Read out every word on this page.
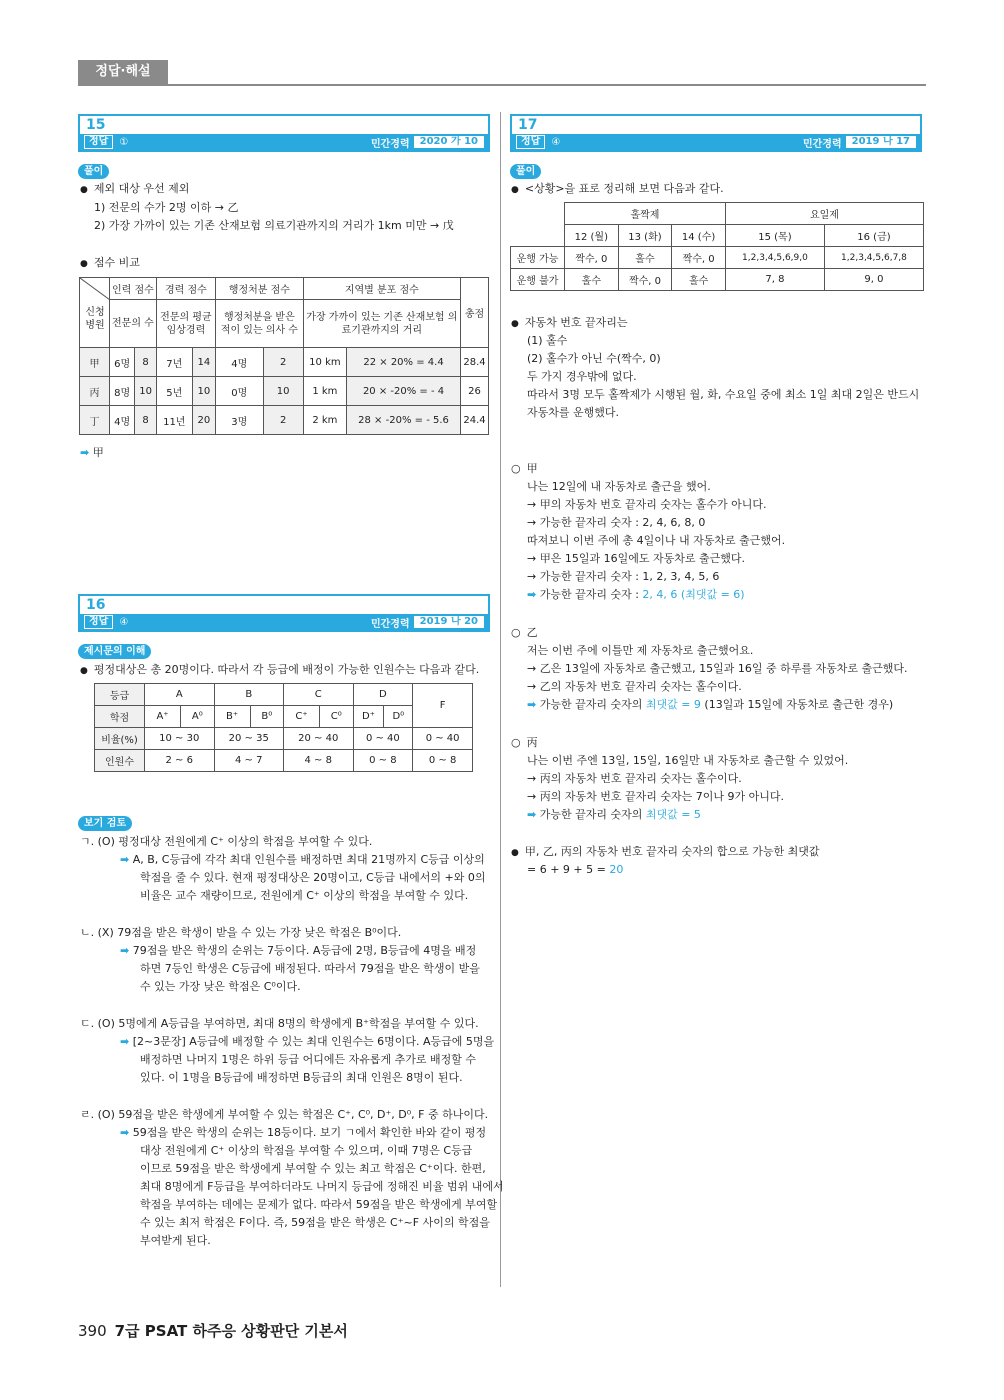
정답·해설
15
정답	①	민간경력	2020 가 10
풀이
● 제외 대상 우선 제외
1) 전문의 수가 2명 이하 → 乙
2) 가장 가까이 있는 기존 산재보험 의료기관까지의 거리가 1km 미만 → 戊
● 점수 비교
신청
병원	인력 점수		경력 점수		행정처분 점수		지역별 분포 점수		총점
	전문의 수		전문의 평균 임상경력		행정처분을 받은 적이 있는 의사 수		가장 가까이 있는 기존 산재보험 의료기관까지의 거리		
甲	6명	8	7년	14	4명	2	10 km	22 × 20% = 4.4	28.4
丙	8명	10	5년	10	0명	10	1 km	20 × -20% = - 4	26
丁	4명	8	11년	20	3명	2	2 km	28 × -20% = - 5.6	24.4
➡ 甲
16
정답	④	민간경력	2019 나 20
제시문의 이해
● 평정대상은 총 20명이다. 따라서 각 등급에 배정이 가능한 인원수는 다음과 같다.
등급	A		B		C		D		F
학점	A⁺	A⁰	B⁺	B⁰	C⁺	C⁰	D⁺	D⁰	
비율(%)	10 ~ 30		20 ~ 35		20 ~ 40		0 ~ 40		0 ~ 40
인원수	2 ~ 6		4 ~ 7		4 ~ 8		0 ~ 8		0 ~ 8
보기 검토
ㄱ. (O) 평정대상 전원에게 C⁺ 이상의 학점을 부여할 수 있다.
➡ A, B, C등급에 각각 최대 인원수를 배정하면 최대 21명까지 C등급 이상의
학점을 줄 수 있다. 현재 평정대상은 20명이고, C등급 내에서의 +와 0의
비율은 교수 재량이므로, 전원에게 C⁺ 이상의 학점을 부여할 수 있다.
ㄴ. (X) 79점을 받은 학생이 받을 수 있는 가장 낮은 학점은 B⁰이다.
➡ 79점을 받은 학생의 순위는 7등이다. A등급에 2명, B등급에 4명을 배정
하면 7등인 학생은 C등급에 배정된다. 따라서 79점을 받은 학생이 받을
수 있는 가장 낮은 학점은 C⁰이다.
ㄷ. (O) 5명에게 A등급을 부여하면, 최대 8명의 학생에게 B⁺학점을 부여할 수 있다.
➡ [2~3문장] A등급에 배정할 수 있는 최대 인원수는 6명이다. A등급에 5명을
배정하면 나머지 1명은 하위 등급 어디에든 자유롭게 추가로 배정할 수
있다. 이 1명을 B등급에 배정하면 B등급의 최대 인원은 8명이 된다.
ㄹ. (O) 59점을 받은 학생에게 부여할 수 있는 학점은 C⁺, C⁰, D⁺, D⁰, F 중 하나이다.
➡ 59점을 받은 학생의 순위는 18등이다. 보기 ㄱ에서 확인한 바와 같이 평정
대상 전원에게 C⁺ 이상의 학점을 부여할 수 있으며, 이때 7명은 C등급
이므로 59점을 받은 학생에게 부여할 수 있는 최고 학점은 C⁺이다. 한편,
최대 8명에게 F등급을 부여하더라도 나머지 등급에 정해진 비율 범위 내에서
학점을 부여하는 데에는 문제가 없다. 따라서 59점을 받은 학생에게 부여할
수 있는 최저 학점은 F이다. 즉, 59점을 받은 학생은 C⁺~F 사이의 학점을
부여받게 된다.
17
정답	④	민간경력	2019 나 17
풀이
● <상황>을 표로 정리해 보면 다음과 같다.
	홀짝제			요일제	
	12 (월)	13 (화)	14 (수)	15 (목)	16 (금)
운행 가능	짝수, 0	홀수	짝수, 0	1,2,3,4,5,6,9,0	1,2,3,4,5,6,7,8
운행 불가	홀수	짝수, 0	홀수	7, 8	9, 0
● 자동차 번호 끝자리는
(1) 홀수
(2) 홀수가 아닌 수(짝수, 0)
두 가지 경우밖에 없다.
따라서 3명 모두 홀짝제가 시행된 월, 화, 수요일 중에 최소 1일 최대 2일은 반드시
자동차를 운행했다.
○ 甲
나는 12일에 내 자동차로 출근을 했어.
→ 甲의 자동차 번호 끝자리 숫자는 홀수가 아니다.
→ 가능한 끝자리 숫자 : 2, 4, 6, 8, 0
따져보니 이번 주에 총 4일이나 내 자동차로 출근했어.
→ 甲은 15일과 16일에도 자동차로 출근했다.
→ 가능한 끝자리 숫자 : 1, 2, 3, 4, 5, 6
➡ 가능한 끝자리 숫자 : 2, 4, 6 (최댓값 = 6)
○ 乙
저는 이번 주에 이틀만 제 자동차로 출근했어요.
→ 乙은 13일에 자동차로 출근했고, 15일과 16일 중 하루를 자동차로 출근했다.
→ 乙의 자동차 번호 끝자리 숫자는 홀수이다.
➡ 가능한 끝자리 숫자의 최댓값 = 9 (13일과 15일에 자동차로 출근한 경우)
○ 丙
나는 이번 주엔 13일, 15일, 16일만 내 자동차로 출근할 수 있었어.
→ 丙의 자동차 번호 끝자리 숫자는 홀수이다.
→ 丙의 자동차 번호 끝자리 숫자는 7이나 9가 아니다.
➡ 가능한 끝자리 숫자의 최댓값 = 5
● 甲, 乙, 丙의 자동차 번호 끝자리 숫자의 합으로 가능한 최댓값
= 6 + 9 + 5 = 20
390 7급 PSAT 하주응 상황판단 기본서
